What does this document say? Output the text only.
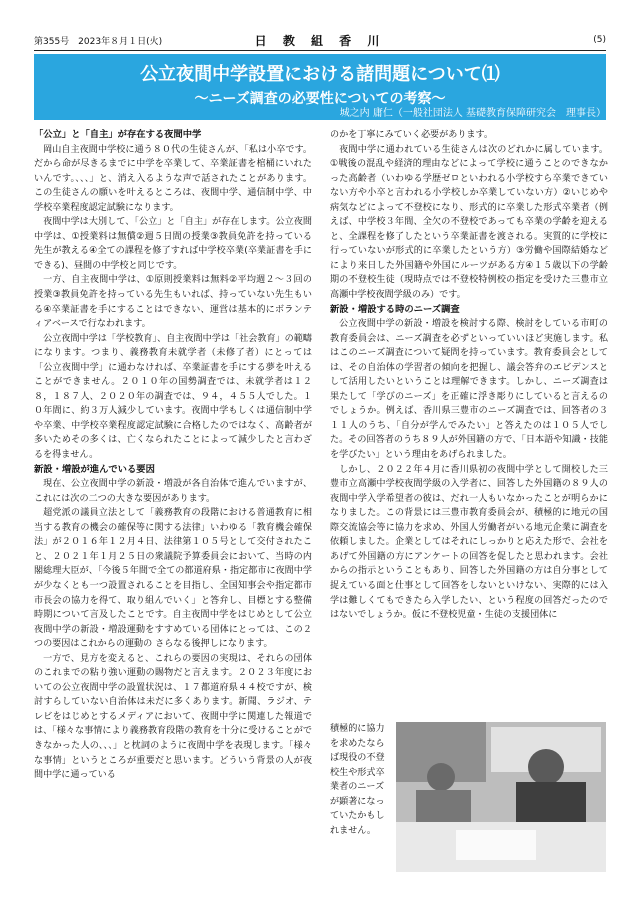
第355号　2023年８月１日(火)	日 教 組 香 川	(5)
公立夜間中学設置における諸問題について⑴
～ニーズ調査の必要性についての考察～
城之内 庸仁（一般社団法人 基礎教育保障研究会　理事長）
「公立」と「自主」が存在する夜間中学

岡山自主夜間中学校に通う８０代の生徒さんが、「私は小卒です。だから命が尽きるまでに中学を卒業して、卒業証書を棺桶にいれたいんです。、、、」と、消え入るような声で話されたことがあります。この生徒さんの願いを叶えるところは、夜間中学、通信制中学、中学校卒業程度認定試験になります。

夜間中学は大別して、「公立」と「自主」が存在します。公立夜間中学は、①授業料は無償②週５日間の授業③教員免許を持っている先生が教える④全ての課程を修了すれば中学校卒業(卒業証書を手にできる)、昼間の中学校と同じです。

一方、自主夜間中学は、①原則授業料は無料②平均週２～３回の授業③教員免許を持っている先生もいれば、持っていない先生もいる④卒業証書を手にすることはできない、運営は基本的にボランティアベースで行なわれます。

公立夜間中学は「学校教育」、自主夜間中学は「社会教育」の範疇になります。つまり、義務教育未就学者（未修了者）にとっては「公立夜間中学」に通わなければ、卒業証書を手にする夢を叶えることができません。２０１０年の国勢調査では、未就学者は１２８，１８７人、２０２０年の調査では、９４，４５５人でした。１０年間に、約３万人減少しています。夜間中学もしくは通信制中学や卒業、中学校卒業程度認定試験に合格したのではなく、高齢者が多いためその多くは、亡くなられたことによって減少したと言わざるを得ません。

新設・増設が進んでいる要因

現在、公立夜間中学の新設・増設が各自治体で進んでいますが、これには次の二つの大きな要因があります。

超党派の議員立法として「義務教育の段階における普通教育に相当する教育の機会の確保等に関する法律」いわゆる「教育機会確保法」が２０１６年１２月４日、法律第１０５号として交付されたこと、２０２１年１月２５日の衆議院予算委員会において、当時の内閣総理大臣が、「今後５年間で全ての都道府県・指定都市に夜間中学が少なくとも一つ設置されることを目指し、全国知事会や指定都市市長会の協力を得て、取り組んでいく」と答弁し、目標とする整備時期について言及したことです。自主夜間中学をはじめとして公立夜間中学の新設・増設運動をすすめている団体にとっては、この２つの要因はこれからの運動の さらなる後押しになります。

一方で、見方を変えると、これらの要因の実現は、それらの団体のこれまでの粘り強い運動の賜物だと言えます。２０２３年度においての公立夜間中学の設置状況は、１７都道府県４４校ですが、検討すらしていない自治体は未だに多くあります。新聞、ラジオ、テレビをはじめとするメディアにおいて、夜間中学に関連した報道では、「様々な事情により義務教育段階の教育を十分に受けることができなかった人の、、、」と枕詞のように夜間中学を表現します。「様々な事情」というところが重要だと思います。どういう背景の人が夜間中学に通っている

のかを丁寧にみていく必要があります。

夜間中学に通われている生徒さんは次のどれかに属しています。①戦後の混乱や経済的理由などによって学校に通うことのできなかった高齢者（いわゆる学歴ゼロといわれる小学校すら卒業できていない方や小卒と言われる小学校しか卒業していない方）②いじめや病気などによって不登校になり、形式的に卒業した形式卒業者（例えば、中学校３年間、全欠の不登校であっても卒業の学齢を迎えると、全課程を修了したという卒業証書を渡される。実質的に学校に行っていないが形式的に卒業したという方）③労働や国際結婚などにより来日した外国籍や外国にルーツがある方④１５歳以下の学齢期の不登校生徒（現時点では不登校特例校の指定を受けた三豊市立高瀬中学校夜間学級のみ）です。

新設・増設する時のニーズ調査

公立夜間中学の新設・増設を検討する際、検討をしている市町の教育委員会は、ニーズ調査を必ずといっていいほど実施します。私はこのニーズ調査について疑問を持っています。教育委員会としては、その自治体の学習者の傾向を把握し、議会答弁のエビデンスとして活用したいということは理解できます。しかし、ニーズ調査は果たして「学びのニーズ」を正確に浮き彫りにしていると言えるのでしょうか。例えば、香川県三豊市のニーズ調査では、回答者の３１１人のうち、「自分が学んでみたい」と答えたのは１０５人でした。その回答者のうち８９人が外国籍の方で、「日本語や知識・技能を学びたい」という理由をあげられました。

しかし、２０２２年４月に香川県初の夜間中学として開校した三豊市立高瀬中学校夜間学級の入学者に、回答した外国籍の８９人の夜間中学入学希望者の彼は、だれ一人もいなかったことが明らかになりました。この背景には三豊市教育委員会が、積極的に地元の国際交流協会等に協力を求め、外国人労働者がいる地元企業に調査を依頼しました。企業としてはそれにしっかりと応えた形で、会社をあげて外国籍の方にアンケートの回答を促したと思われます。会社からの指示ということもあり、回答した外国籍の方は自分事として捉えている面と仕事として回答をしないといけない、実際的には入学は難しくてもできたら入学したい、という程度の回答だったのではないでしょうか。仮に不登校児童・生徒の支援団体に

積極的に協力を求めたならば現役の不登校生や形式卒業者のニーズが顕著になっていたかもしれません。
